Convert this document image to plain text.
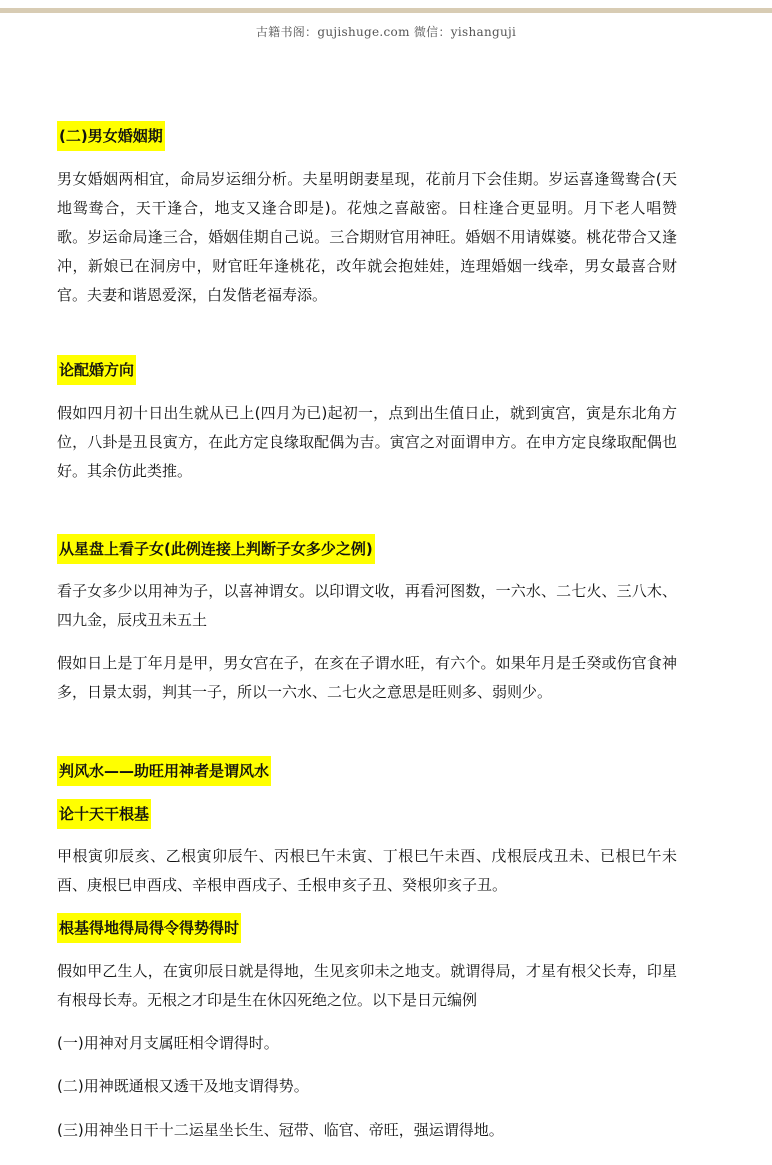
古籍书阁：gujishuge.com 微信：yishanguji
(二)男女婚姻期
男女婚姻两相宜，命局岁运细分析。夫星明朗妻星现，花前月下会佳期。岁运喜逢鸳鸯合(天地鸳鸯合，天干逢合，地支又逢合即是)。花烛之喜敲密。日柱逢合更显明。月下老人唱赞歌。岁运命局逢三合，婚姻佳期自己说。三合期财官用神旺。婚姻不用请媒婆。桃花带合又逢冲，新娘已在洞房中，财官旺年逢桃花，改年就会抱娃娃，连理婚姻一线牵，男女最喜合财官。夫妻和谐恩爱深，白发偕老福寿添。
论配婚方向
假如四月初十日出生就从已上(四月为已)起初一，点到出生值日止，就到寅宫，寅是东北角方位，八卦是丑艮寅方，在此方定良缘取配偶为吉。寅宫之对面谓申方。在申方定良缘取配偶也好。其余仿此类推。
从星盘上看子女(此例连接上判断子女多少之例)
看子女多少以用神为子，以喜神谓女。以印谓文收，再看河图数，一六水、二七火、三八木、四九金，辰戌丑未五土
假如日上是丁年月是甲，男女宫在子，在亥在子谓水旺，有六个。如果年月是壬癸或伤官食神多，日景太弱，判其一子，所以一六水、二七火之意思是旺则多、弱则少。
判风水——助旺用神者是谓风水
论十天干根基
甲根寅卯辰亥、乙根寅卯辰午、丙根巳午未寅、丁根巳午未酉、戊根辰戌丑未、已根巳午未酉、庚根巳申酉戌、辛根申酉戌子、壬根申亥子丑、癸根卯亥子丑。
根基得地得局得令得势得时
假如甲乙生人，在寅卯辰日就是得地，生见亥卯未之地支。就谓得局，才星有根父长寿，印星有根母长寿。无根之才印是生在休囚死绝之位。以下是日元编例
(一)用神对月支属旺相令谓得时。
(二)用神既通根又透干及地支谓得势。
(三)用神坐日干十二运星坐长生、冠带、临官、帝旺，强运谓得地。
